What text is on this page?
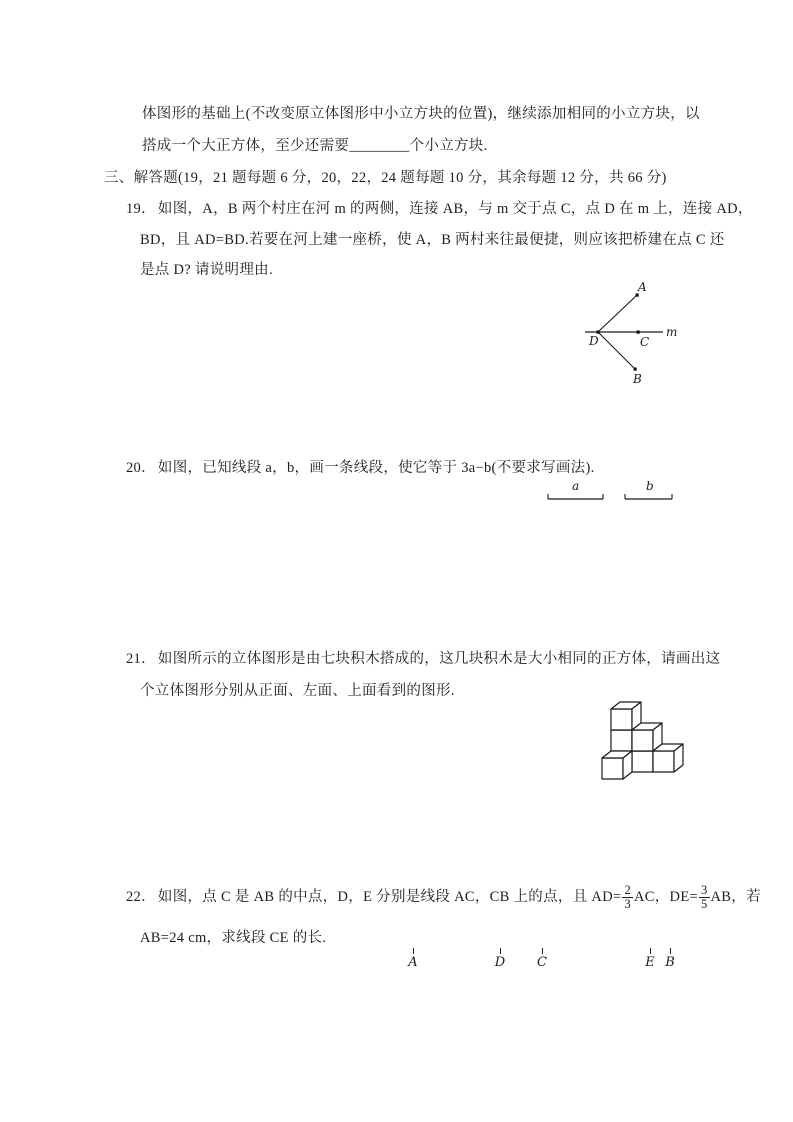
体图形的基础上(不改变原立体图形中小立方块的位置)，继续添加相同的小立方块，以
搭成一个大正方体，至少还需要________个小立方块.
三、解答题(19，21 题每题 6 分，20，22，24 题每题 10 分，其余每题 12 分，共 66 分)
19． 如图，A，B 两个村庄在河 m 的两侧，连接 AB，与 m 交于点 C，点 D 在 m 上，连接 AD，
BD，且 AD=BD.若要在河上建一座桥，使 A，B 两村来往最便捷，则应该把桥建在点 C 还
是点 D? 请说明理由.
A
B
C
D
m
20． 如图，已知线段 a，b，画一条线段，使它等于 3a−b(不要求写画法).
a	b
21． 如图所示的立体图形是由七块积木搭成的，这几块积木是大小相同的正方体，请画出这
个立体图形分别从正面、左面、上面看到的图形.
22． 如图，点 C 是 AB 的中点，D，E 分别是线段 AC，CB 上的点，且 $AD= \frac{2}{3}$ AC，$DE= \frac{3}{5}$ AB，若
AB=24 cm，求线段 CE 的长.
A	D C	E B
